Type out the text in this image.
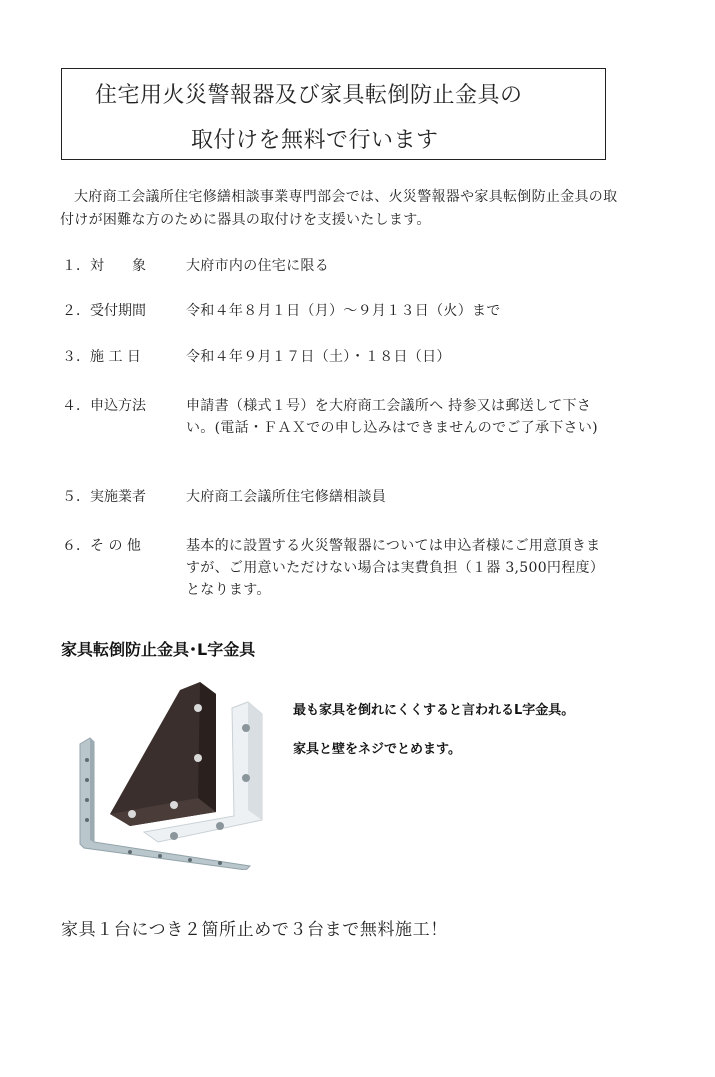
住宅用火災警報器及び家具転倒防止金具の
取付けを無料で行います
大府商工会議所住宅修繕相談事業専門部会では、火災警報器や家具転倒防止金具の取付けが困難な方のために器具の取付けを支援いたします。
１．対　　象	大府市内の住宅に限る
２．受付期間	令和４年８月１日（月）～９月１３日（火）まで
３．施 工 日	令和４年９月１７日（土）・１８日（日）
４．申込方法	申請書（様式１号）を大府商工会議所へ 持参又は郵送して下さい。(電話・ＦＡＸでの申し込みはできませんのでご了承下さい)
５．実施業者	大府商工会議所住宅修繕相談員
６．そ の 他	基本的に設置する火災警報器については申込者様にご用意頂きますが、ご用意いただけない場合は実費負担（１器 3,500円程度）となります。
家具転倒防止金具･L字金具
最も家具を倒れにくくすると言われるL字金具。
家具と壁をネジでとめます。
家具１台につき２箇所止めで３台まで無料施工！
